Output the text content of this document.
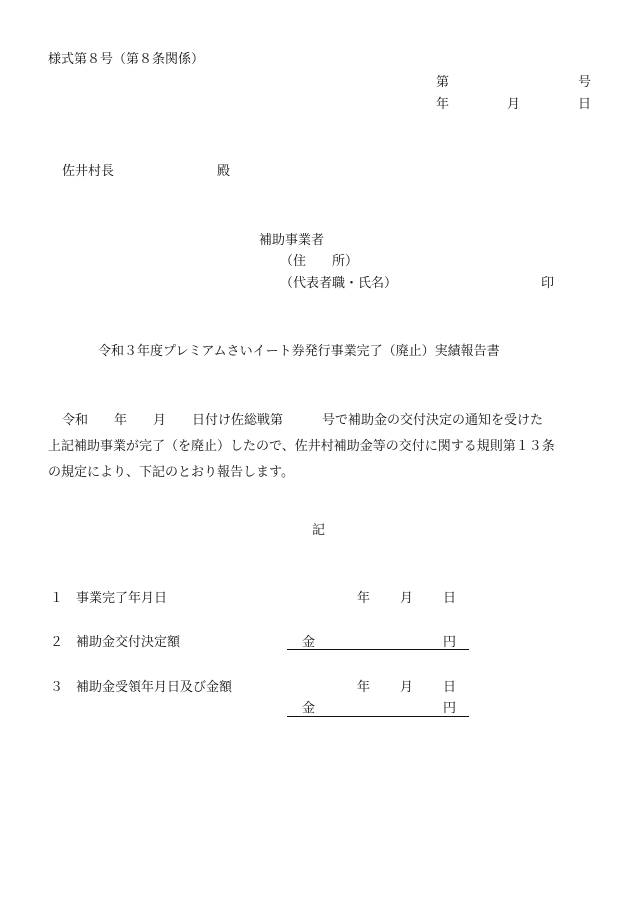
様式第８号（第８条関係）
第	号
年	月	日
佐井村長	殿
補助事業者
（住　　所）
（代表者職・氏名）	印
令和３年度プレミアムさいイート券発行事業完了（廃止）実績報告書
令和　　年　　月　　日付け佐総戦第　　　号で補助金の交付決定の通知を受けた
上記補助事業が完了（を廃止）したので、佐井村補助金等の交付に関する規則第１３条
の規定により、下記のとおり報告します。
記
１ 事業完了年月日	年 月 日
２ 補助金交付決定額	金	円
３ 補助金受領年月日及び金額	年 月 日
金	円
